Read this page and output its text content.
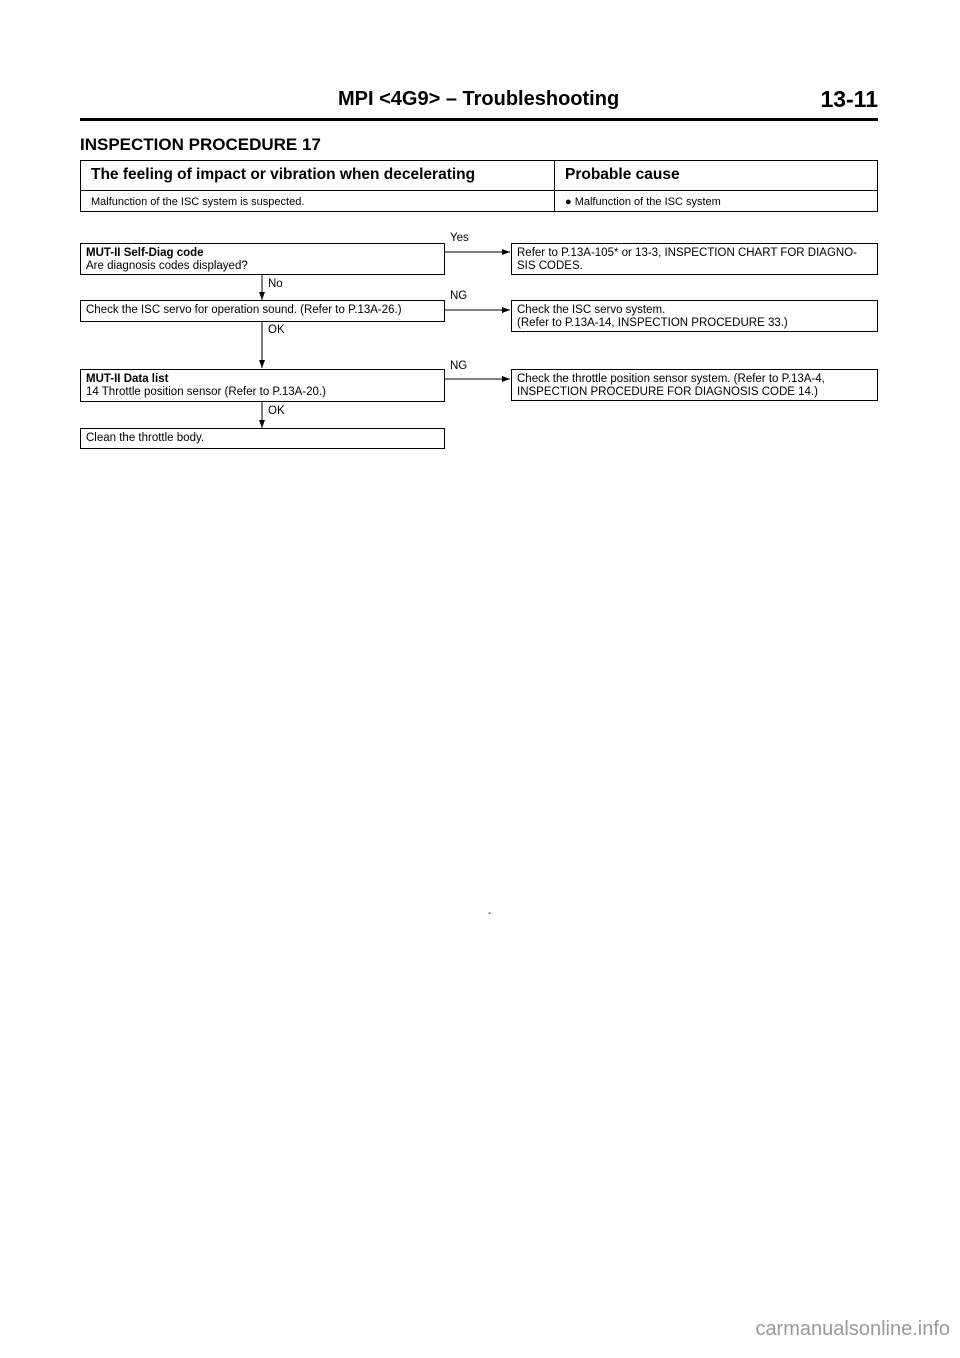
MPI <4G9> – Troubleshooting	13-11
INSPECTION PROCEDURE 17
The feeling of impact or vibration when decelerating	Probable cause
Malfunction of the ISC system is suspected.	● Malfunction of the ISC system
MUT-II Self-Diag code
Are diagnosis codes displayed?
Yes
No
Refer to P.13A-105* or 13-3, INSPECTION CHART FOR DIAGNO-
SIS CODES.
Check the ISC servo for operation sound. (Refer to P.13A-26.)
NG
OK
Check the ISC servo system.
(Refer to P.13A-14, INSPECTION PROCEDURE 33.)
MUT-II Data list
14 Throttle position sensor (Refer to P.13A-20.)
NG
OK
Check the throttle position sensor system. (Refer to P.13A-4,
INSPECTION PROCEDURE FOR DIAGNOSIS CODE 14.)
Clean the throttle body.
-
carmanualsonline.info
